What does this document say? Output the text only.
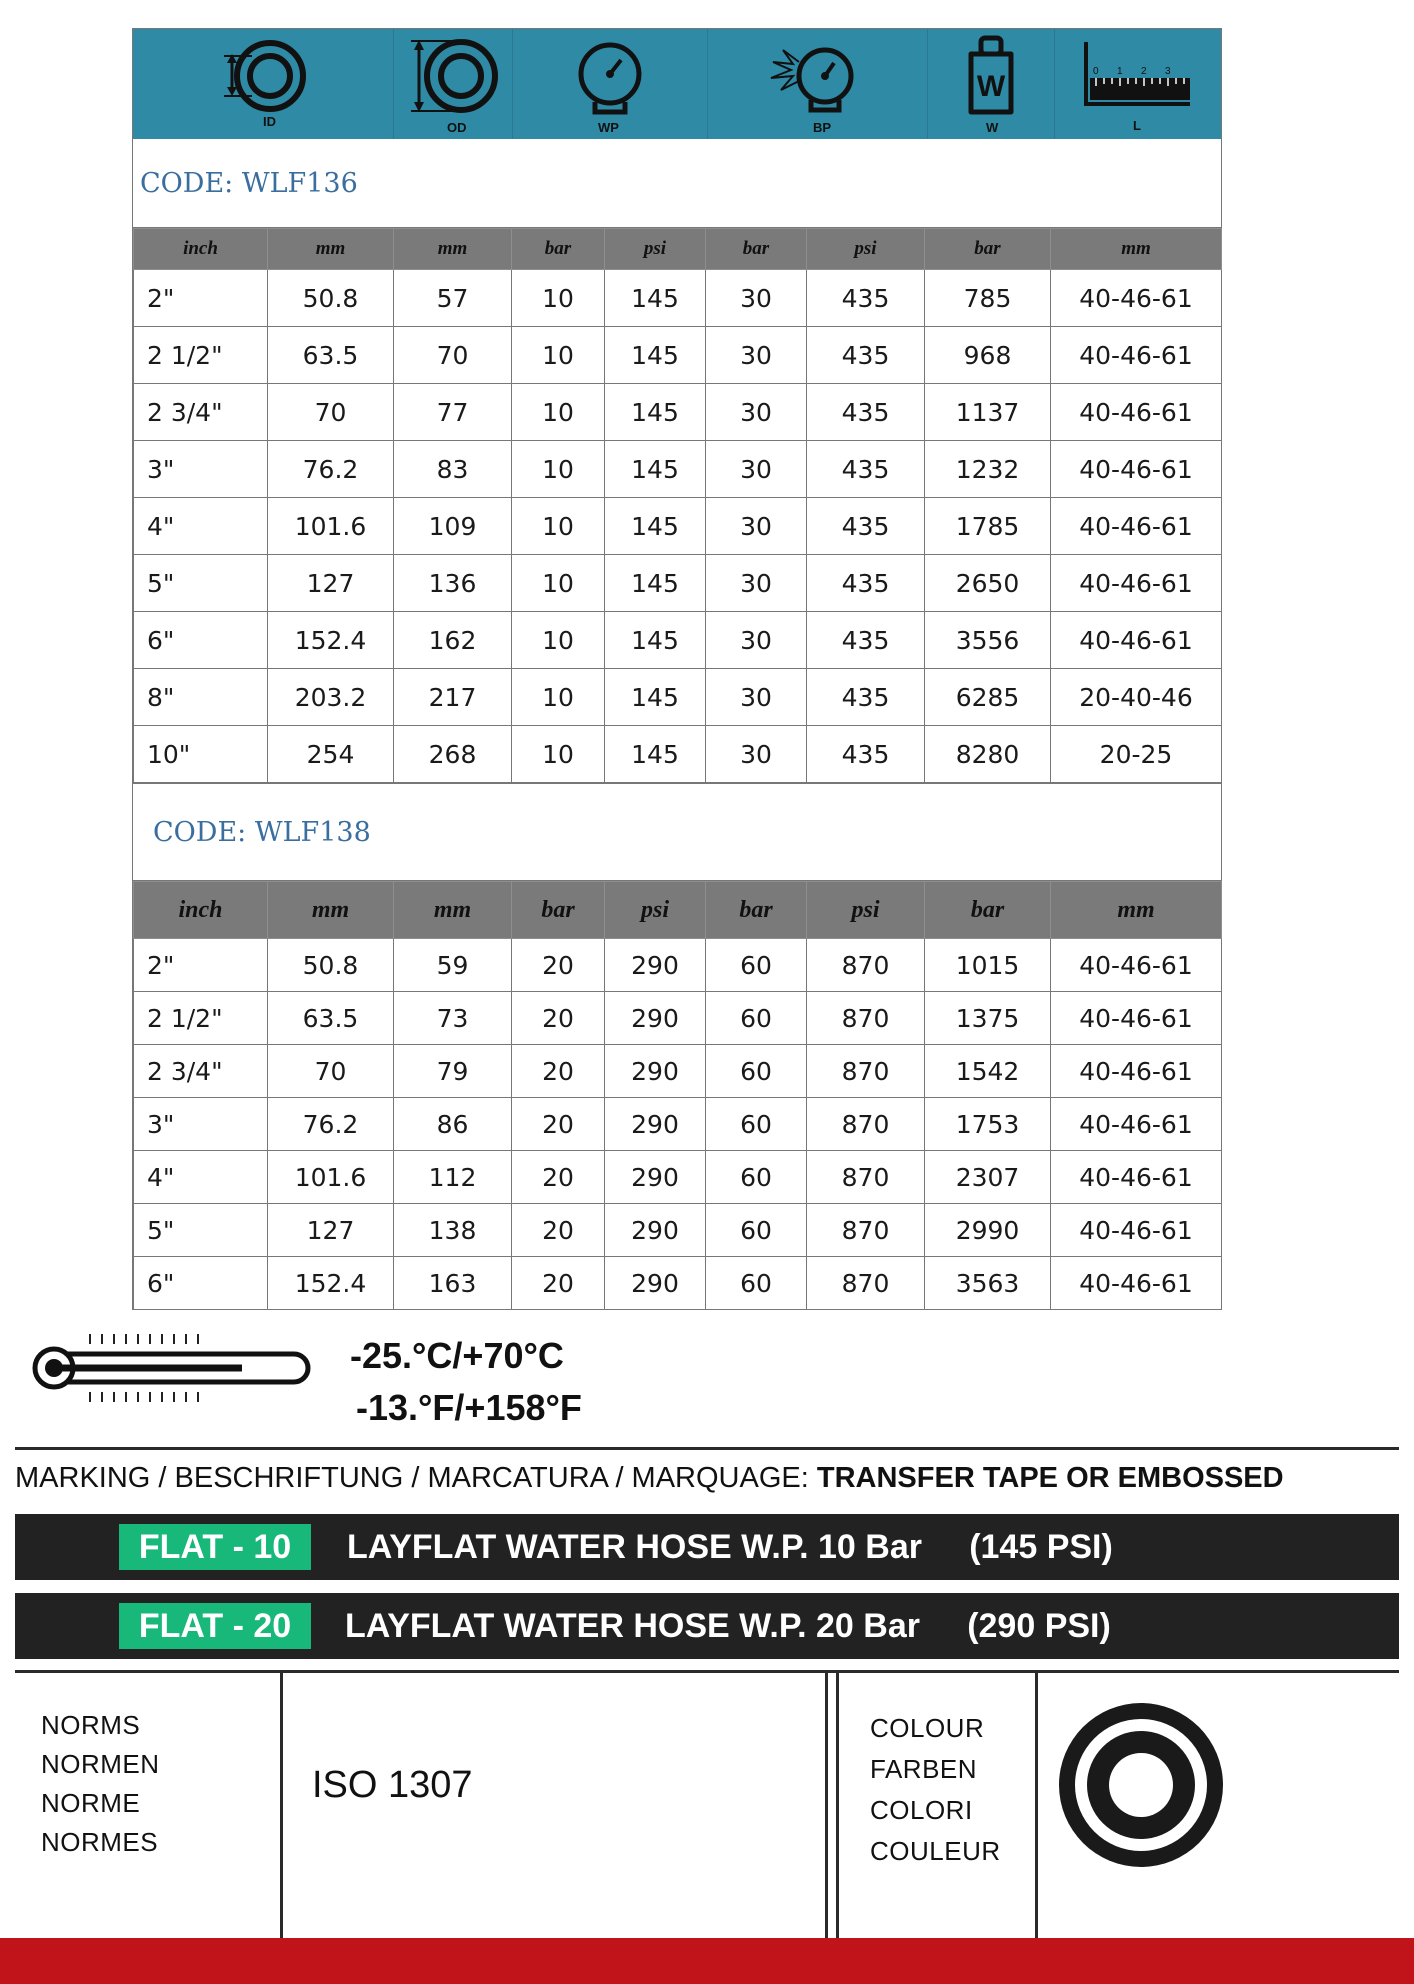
ID	OD	WP	BP
W
W
0 1 2 3
L
CODE: WLF136
inch	mm	mm	bar	psi	bar	psi	bar	mm
2"	50.8	57	10	145	30	435	785	40-46-61
2 1/2"	63.5	70	10	145	30	435	968	40-46-61
2 3/4"	70	77	10	145	30	435	1137	40-46-61
3"	76.2	83	10	145	30	435	1232	40-46-61
4"	101.6	109	10	145	30	435	1785	40-46-61
5"	127	136	10	145	30	435	2650	40-46-61
6"	152.4	162	10	145	30	435	3556	40-46-61
8"	203.2	217	10	145	30	435	6285	20-40-46
10"	254	268	10	145	30	435	8280	20-25
CODE: WLF138
inch	mm	mm	bar	psi	bar	psi	bar	mm
2"	50.8	59	20	290	60	870	1015	40-46-61
2 1/2"	63.5	73	20	290	60	870	1375	40-46-61
2 3/4"	70	79	20	290	60	870	1542	40-46-61
3"	76.2	86	20	290	60	870	1753	40-46-61
4"	101.6	112	20	290	60	870	2307	40-46-61
5"	127	138	20	290	60	870	2990	40-46-61
6"	152.4	163	20	290	60	870	3563	40-46-61
-25.°C/+70°C
-13.°F/+158°F
MARKING / BESCHRIFTUNG / MARCATURA / MARQUAGE: TRANSFER TAPE OR EMBOSSED
FLAT - 10	LAYFLAT WATER HOSE W.P. 10 Bar     (145 PSI)
FLAT - 20	LAYFLAT WATER HOSE W.P. 20 Bar     (290 PSI)
NORMS
NORMEN
NORME
NORMES
ISO 1307
COLOUR
FARBEN
COLORI
COULEUR
